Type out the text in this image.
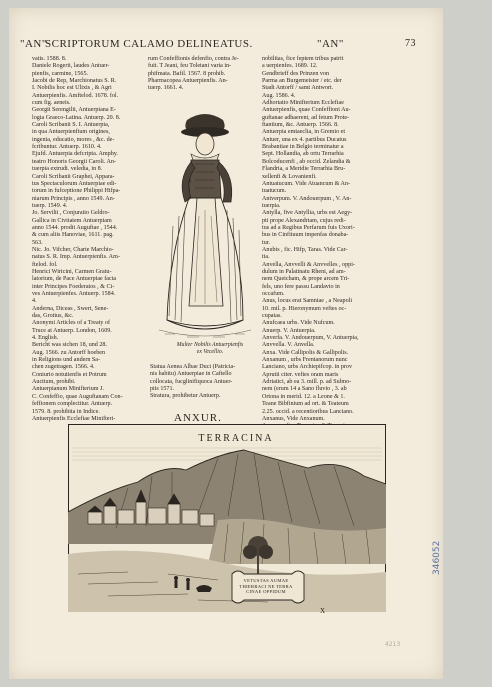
"AN"
SCRIPTORUM CALAMO DELINEATUS.	"AN"	73
vatis. 1588. 8.
Daniele Rogerii, laudes Antuer-
pienfis, carmine, 1565.
Jacobi de Rep, Marchionatus S. R.
I. Nobilis hoc est Ulixis , & Agri
Antuerpienfis. Amftelod. 1678. fol.
cum fig. aeneis.
Georgii Serengilii, Antuerpiana E-
logia Graeco-Latina. Antuerp. 20. 8.
Caroli Scribanii S. I. Antuerpia,
in qua Antuerpienfium origines,
ingenia, educatio, mores , &c. de-
fcribuntur. Antuerp. 1610. 4.
Ejufd. Antuerpia defcripta. Amphy.
teatro Honoris Georgii Caroli. An-
tuerpia extrudi. veledia, in 8.
Caroli Scribanii Graphei, Appara-
tus Spectaculorum Antuerpiae edi-
torum in fufceptione Philippi Hifpa-
niarum Principis , anno 1549. An-
tuerp. 1549. 4.
Jo. Servilii , Conjuratio Geldro-
Gallica in Civitatem Antuerpiam
anno 1544. prodit Auguftae , 1544.
& cum aliis Hanoviae, 1611. pag.
563.
Nic. Jo. Vifcher, Charte Marchio-
natus S. R. Imp. Antuerpienfis. Am-
ftelod. fol.
Henrici Wiricini, Carmen Gratu-
latorium, de Pace Antuerpiae facta
inter Principes Foederatos , & Ci-
ves Antuerpienfes. Antuerp. 1584.
4.
Anderna, Diceas , Swert, Sene-
das, Grotius, &c.
Anonymi Articles of a Treaty of
Truce at Antuerp. London, 1609.
4. English.
Bericht was sichen 18, und 28.
Aug. 1566. zu Antorff hoeben
in Religions und andern Sa-
chen zugetragen. 1566. 4.
Coniurio notutienfis et Potrum
Auctium, prohibi.
Antuerpianum Minifterium J.
C. Confeffio, quae Auguftanam Con-
feffionem complectitur. Antuerp.
1579. 8. prohibita in Indice.
Antuerpienfis Ecclefiae Minifteri-
rum Confeffionis defenfio, contra Je-
fuit. T Jeani, feu Toletani varia in-
phifmata. Bafil. 1567. 8 prohib.
Pharmacopea Antuerpienfis. An-
tuerp. 1661. 4.
nobilitas, fice feptem tribus patrit
a uerpienfes. 1689. 12.
Gendbrieff des Prinzen von
Parma an Burgemeister / etc. der
Stadt Antorff / samt Antwort.
Aug. 1586. 4.
Adhortatio Minifterium Ecclefiae
Antuerpienfis, quae Confeffioni Au-
guftanae adhaerent, ad fetum Prote-
ftantium, &c. Antuerp. 1566. 8.
Antuerpia emtaeclia, in Gremio et
Antuer, una ex 4. partibus Ducatus
Brabantiae in Belgio terminatur a
Sept. Hollandia, ab ortu Terrarhia
Bolcoducenfi , ab occid. Zelandia &
Flandria, a Meridie Terrarhia Bru-
xellenfi & Lovanienfi.
Antuatucum. Vide Atuancum & An-
tuatucum.
Antverpum. V. Andouerpum , V. An-
tuerpia.
Antylla, five Antyllia, urbs est Aegy-
pti prope Alexandriam, cujus redi-
tus ad a Regibus Perfarum fuis Uxori-
bus in Cinfituum impenfas donaba-
tur.
Anubis , fic. Hifp, Taras. Vide Car-
tia.
Anvella, Anvvelli & Anvvelles , oppi-
dulum in Palatinatu Rheni, ad am-
nem Queicham, & prope arcem Tri-
fels, uno fere passu Landavio in
occafum.
Anus, locus erat Samniae , a Neapoli
10. mil. p. Hieronymum veftes oc-
cupatas.
Anufcaea urbs. Vide Nufcum.
Anuerp. V. Antuerpia.
Anverfa. V. Andouerpum, V. Antuerpia,
Anvvella. V. Anvella.
Anxa. Vide Callipolis & Gallipolis.
Anxanum , urbs Frentanorum nunc
Lanciano, urbs Archiepifcop. in prov
Aprutii citer. veftes oram maris
Adriatici, ab ea 3. mill. p. ad Sulmo-
nem (erum 14 a Sano fluvio , 3. ab
Ortona in merid. 12. a Leone & 1.
Teane Bibfinium ad ort. & Teateum
2.25. occid. a recentioribus Lanciano.
Anxanus, Vide Anxanum.
Mulier Nobilis Antuerpienfis
ex Vecellio.
Statua Aenea Albae Duci (Patricia-
nis habitu) Antuerpiae in Caftello
collocata, fucglinifiquoca Antuer-
piis 1571.
Stratura, prohibetur Antuerp.
ANXUR.
TERRACINA
VETUSTAS AUMAE
THIERRACI NE TERRA
CINAE OPPIDUM
X
4213
